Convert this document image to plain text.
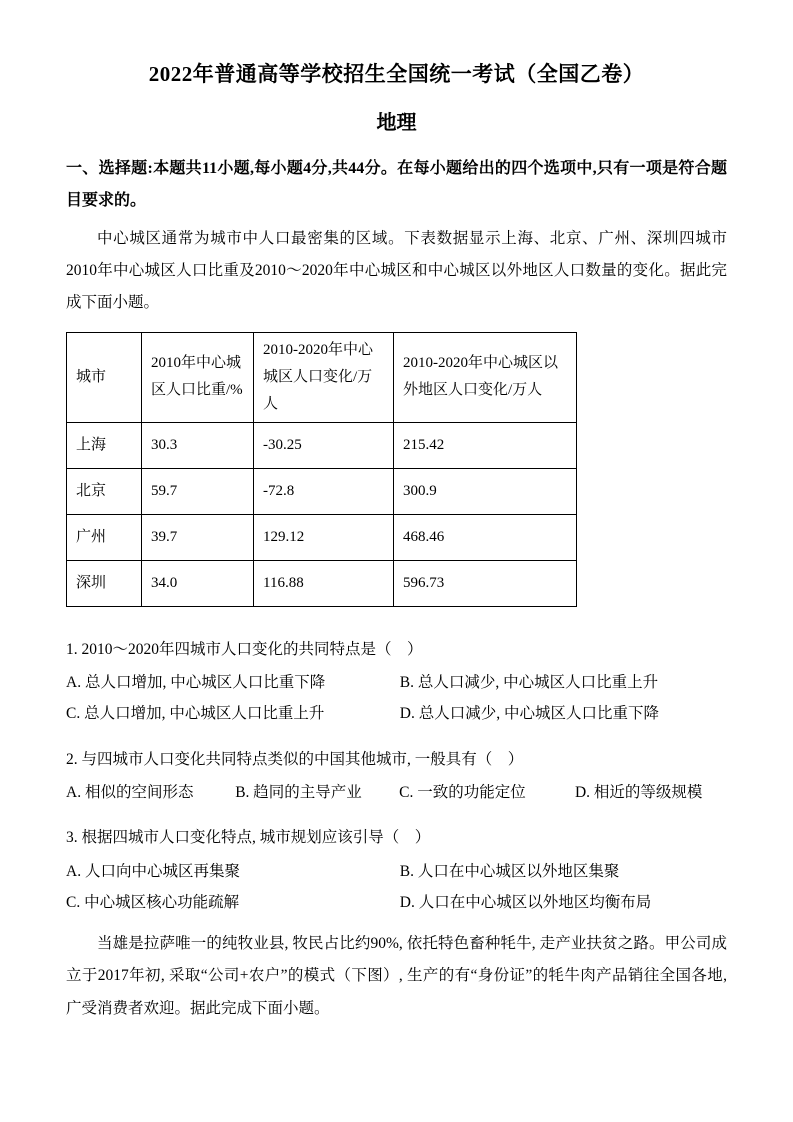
2022年普通高等学校招生全国统一考试（全国乙卷）
地理

一、选择题:本题共11小题,每小题4分,共44分。在每小题给出的四个选项中,只有一项是符合题目要求的。

中心城区通常为城市中人口最密集的区域。下表数据显示上海、北京、广州、深圳四城市2010年中心城区人口比重及2010～2020年中心城区和中心城区以外地区人口数量的变化。据此完成下面小题。

城市	2010年中心城区人口比重/%	2010-2020年中心城区人口变化/万人	2010-2020年中心城区以外地区人口变化/万人
上海	30.3	-30.25	215.42
北京	59.7	-72.8	300.9
广州	39.7	129.12	468.46
深圳	34.0	116.88	596.73

1. 2010～2020年四城市人口变化的共同特点是（　）

A. 总人口增加, 中心城区人口比重下降	B. 总人口减少, 中心城区人口比重上升
C. 总人口增加, 中心城区人口比重上升	D. 总人口减少, 中心城区人口比重下降

2. 与四城市人口变化共同特点类似的中国其他城市, 一般具有（　）

A. 相似的空间形态	B. 趋同的主导产业	C. 一致的功能定位	D. 相近的等级规模

3. 根据四城市人口变化特点, 城市规划应该引导（　）

A. 人口向中心城区再集聚	B. 人口在中心城区以外地区集聚
C. 中心城区核心功能疏解	D. 人口在中心城区以外地区均衡布局

当雄是拉萨唯一的纯牧业县, 牧民占比约90%, 依托特色畜种牦牛, 走产业扶贫之路。甲公司成立于2017年初, 采取“公司+农户”的模式（下图）, 生产的有“身份证”的牦牛肉产品销往全国各地, 广受消费者欢迎。据此完成下面小题。
